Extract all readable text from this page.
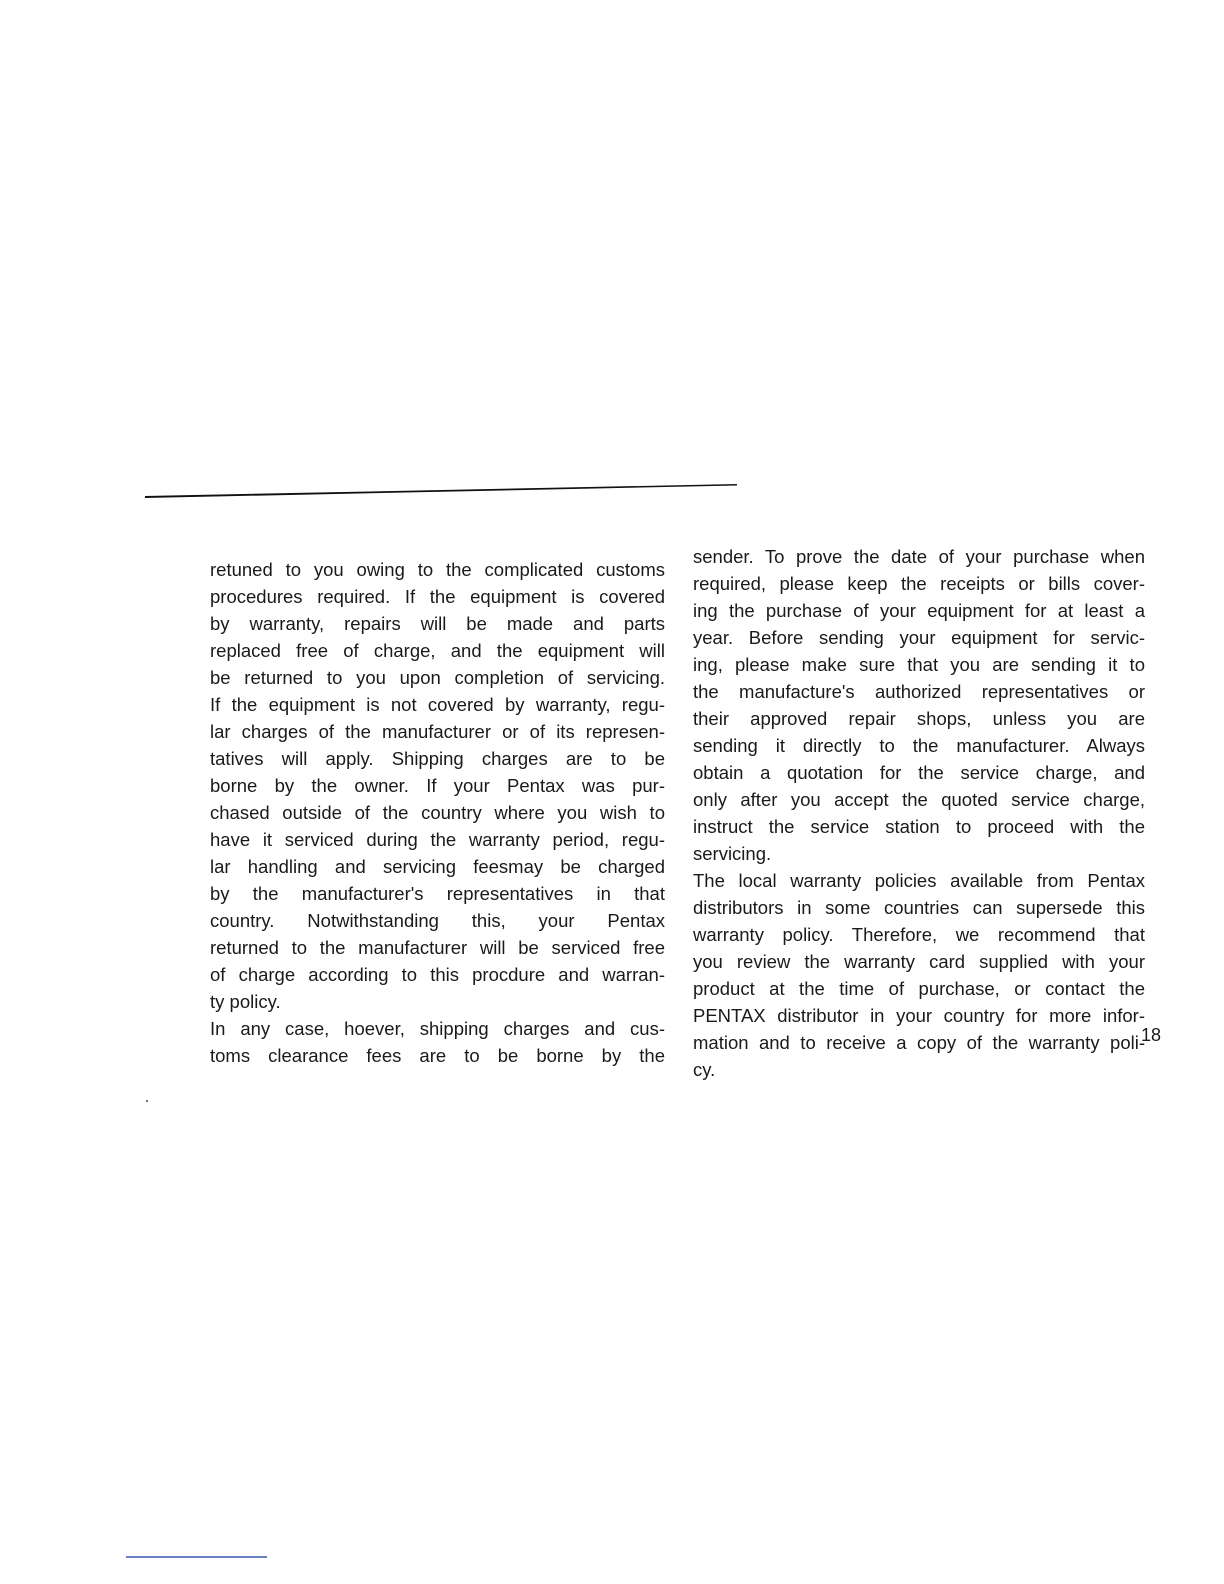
retuned to you owing to the complicated customs
procedures required. If the equipment is covered
by warranty, repairs will be made and parts
replaced free of charge, and the equipment will
be returned to you upon completion of servicing.
If the equipment is not covered by warranty, regu-
lar charges of the manufacturer or of its represen-
tatives will apply. Shipping charges are to be
borne by the owner. If your Pentax was pur-
chased outside of the country where you wish to
have it serviced during the warranty period, regu-
lar handling and servicing feesmay be charged
by the manufacturer's representatives in that
country. Notwithstanding this, your Pentax
returned to the manufacturer will be serviced free
of charge according to this procdure and warran-
ty policy.
In any case, hoever, shipping charges and cus-
toms clearance fees are to be borne by the
sender. To prove the date of your purchase when
required, please keep the receipts or bills cover-
ing the purchase of your equipment for at least a
year. Before sending your equipment for servic-
ing, please make sure that you are sending it to
the manufacture's authorized representatives or
their approved repair shops, unless you are
sending it directly to the manufacturer. Always
obtain a quotation for the service charge, and
only after you accept the quoted service charge,
instruct the service station to proceed with the
servicing.
The local warranty policies available from Pentax
distributors in some countries can supersede this
warranty policy. Therefore, we recommend that
you review the warranty card supplied with your
product at the time of purchase, or contact the
PENTAX distributor in your country for more infor-
mation and to receive a copy of the warranty poli-
cy.
18
